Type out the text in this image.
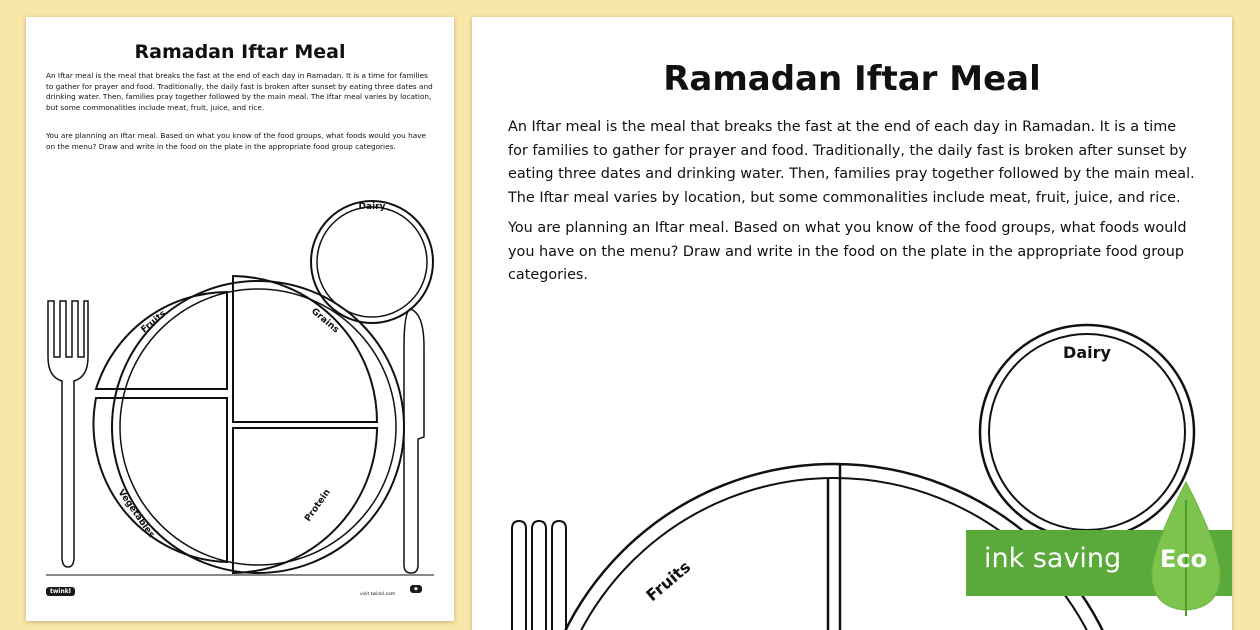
Ramadan Iftar Meal
An Iftar meal is the meal that breaks the fast at the end of each day in Ramadan. It is a time for families to gather for prayer and food. Traditionally, the daily fast is broken after sunset by eating three dates and drinking water. Then, families pray together followed by the main meal. The Iftar meal varies by location, but some commonalities include meat, fruit, juice, and rice.
You are planning an Iftar meal. Based on what you know of the food groups, what foods would you have on the menu? Draw and write in the food on the plate in the appropriate food group categories.
Dairy
Fruits	Grains
Vegetables	Protein
twinkl	visit twinkl.com
◆
Ramadan Iftar Meal
An Iftar meal is the meal that breaks the fast at the end of each day in Ramadan. It is a time for families to gather for prayer and food. Traditionally, the daily fast is broken after sunset by eating three dates and drinking water. Then, families pray together followed by the main meal. The Iftar meal varies by location, but some commonalities include meat, fruit, juice, and rice.
You are planning an Iftar meal. Based on what you know of the food groups, what foods would you have on the menu? Draw and write in the food on the plate in the appropriate food group categories.
Dairy
Fruits	ink saving Eco
